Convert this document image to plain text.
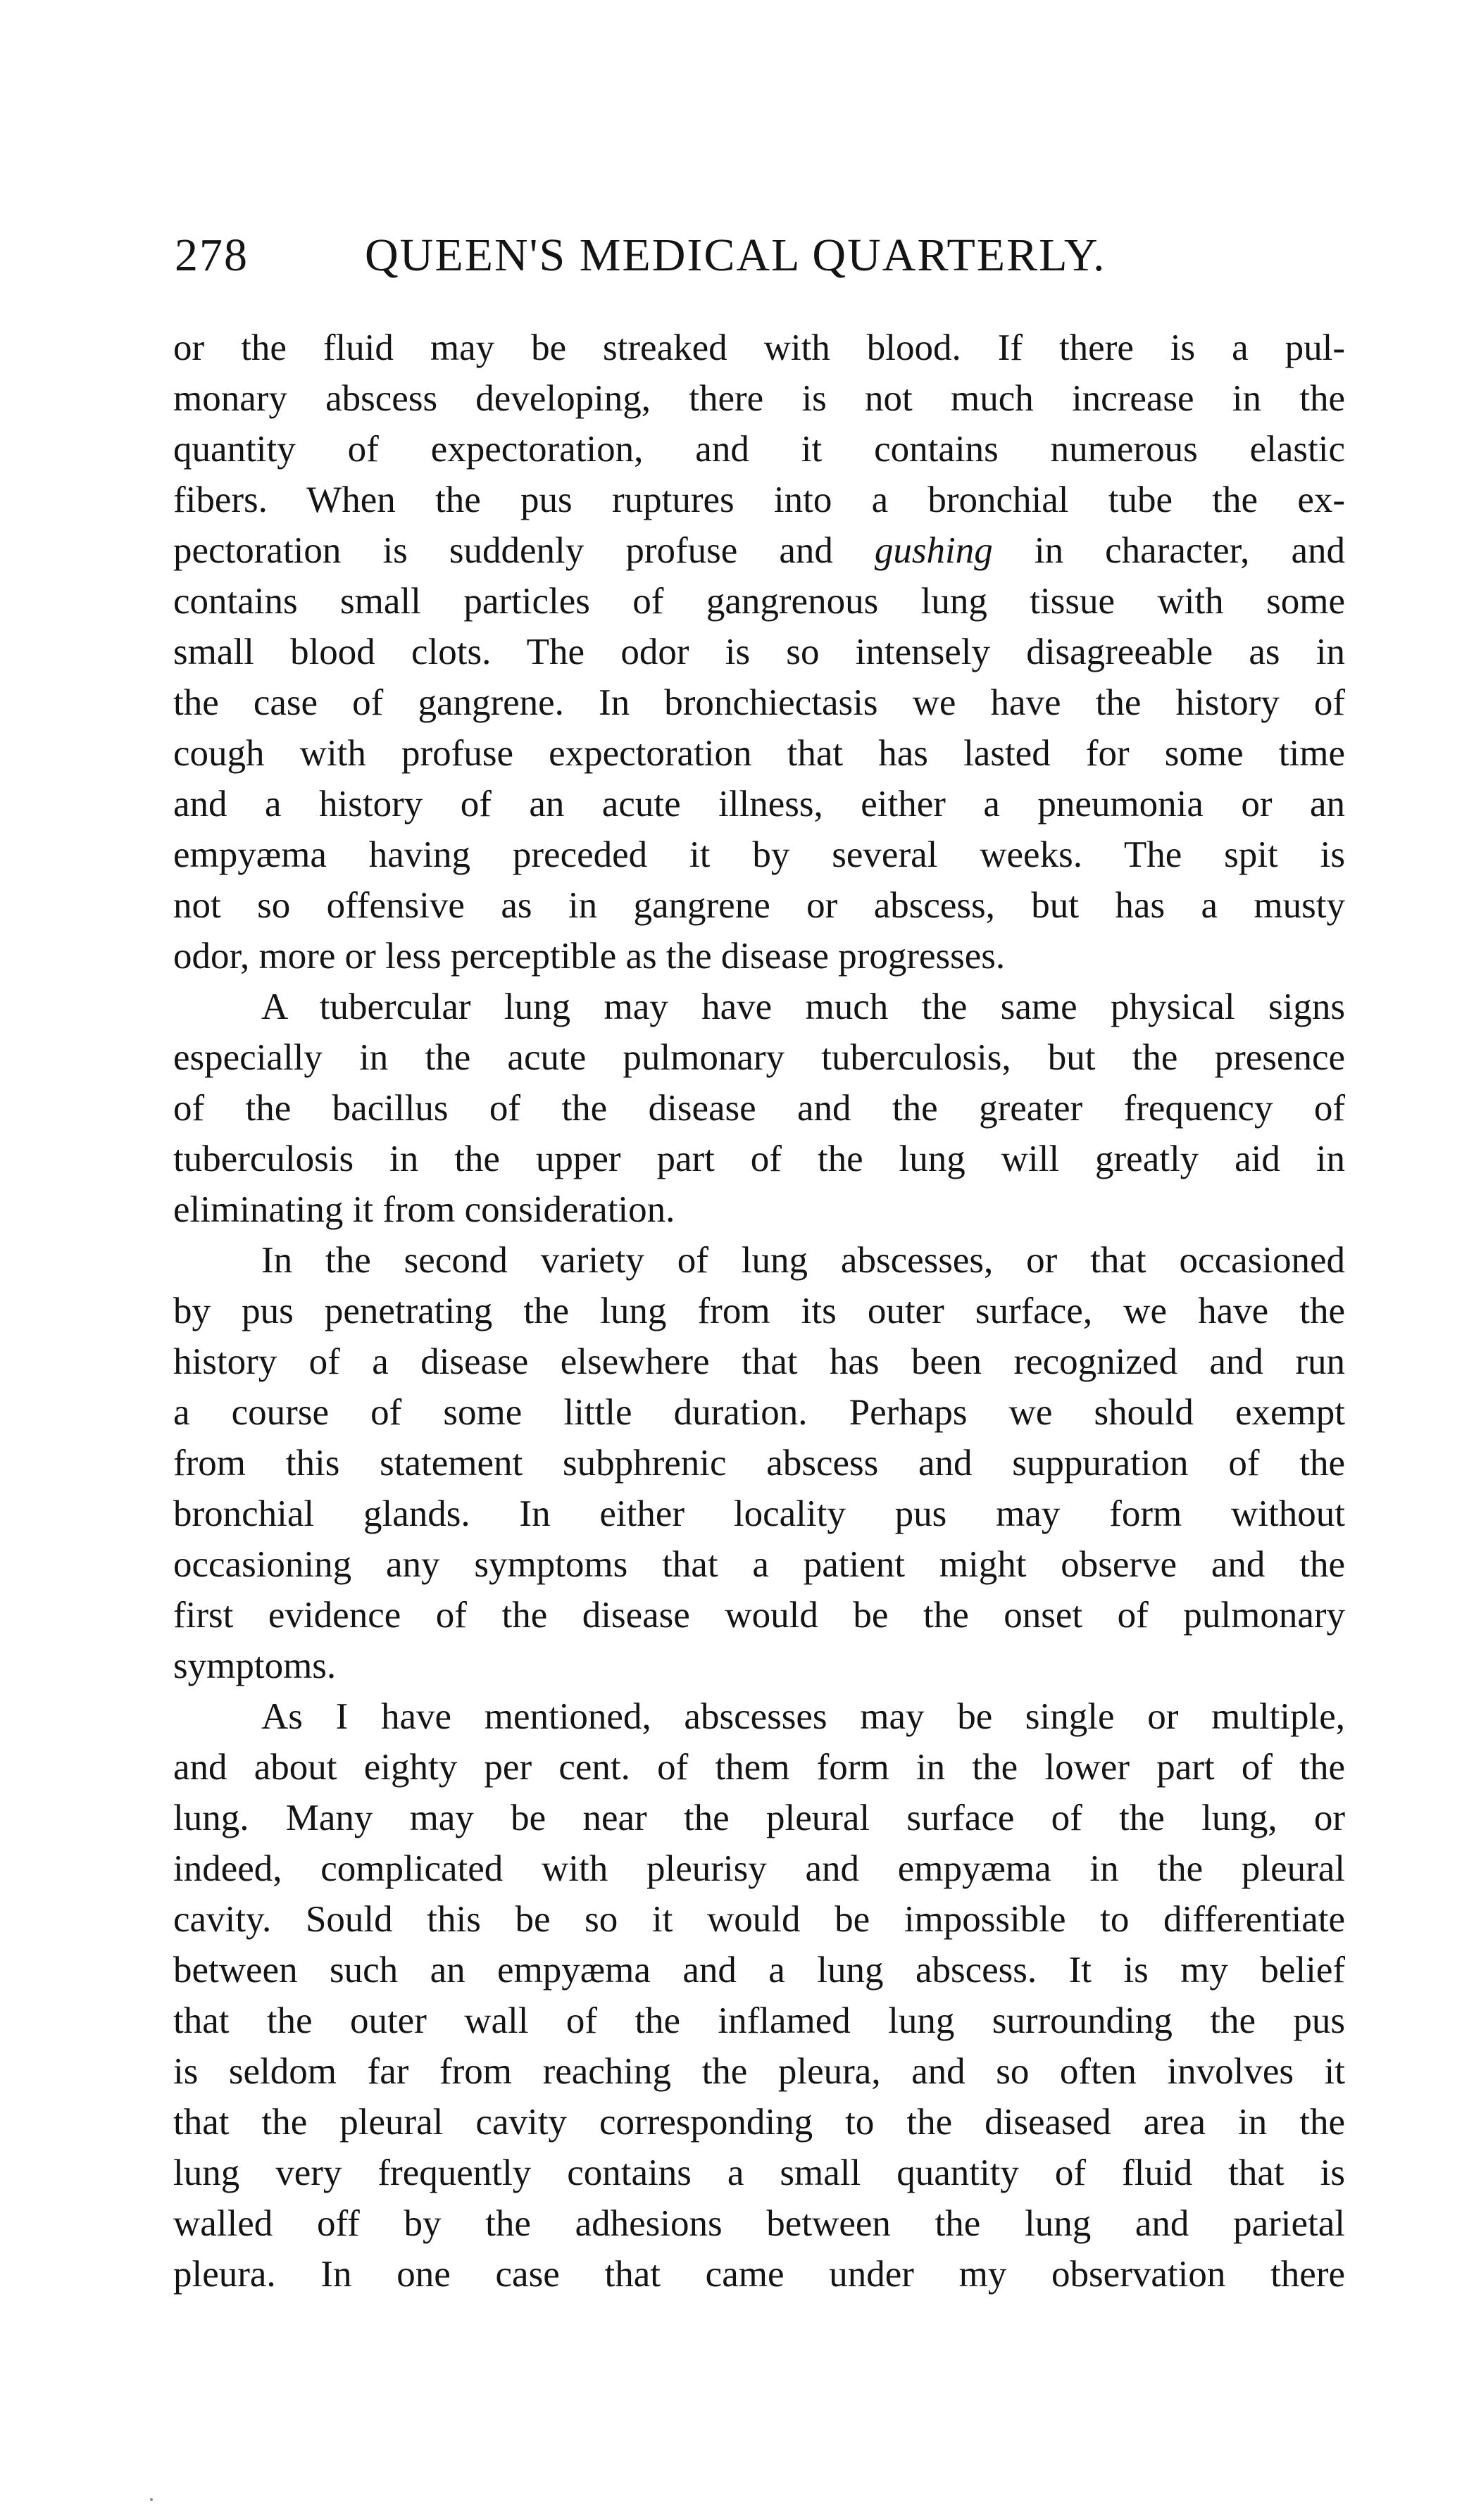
278	QUEEN'S MEDICAL QUARTERLY.
or the fluid may be streaked with blood. If there is a pul-
monary abscess developing, there is not much increase in the
quantity of expectoration, and it contains numerous elastic
fibers. When the pus ruptures into a bronchial tube the ex-
pectoration is suddenly profuse and gushing in character, and
contains small particles of gangrenous lung tissue with some
small blood clots. The odor is so intensely disagreeable as in
the case of gangrene. In bronchiectasis we have the history of
cough with profuse expectoration that has lasted for some time
and a history of an acute illness, either a pneumonia or an
empyæma having preceded it by several weeks. The spit is
not so offensive as in gangrene or abscess, but has a musty
odor, more or less perceptible as the disease progresses.
A tubercular lung may have much the same physical signs
especially in the acute pulmonary tuberculosis, but the presence
of the bacillus of the disease and the greater frequency of
tuberculosis in the upper part of the lung will greatly aid in
eliminating it from consideration.
In the second variety of lung abscesses, or that occasioned
by pus penetrating the lung from its outer surface, we have the
history of a disease elsewhere that has been recognized and run
a course of some little duration. Perhaps we should exempt
from this statement subphrenic abscess and suppuration of the
bronchial glands. In either locality pus may form without
occasioning any symptoms that a patient might observe and the
first evidence of the disease would be the onset of pulmonary
symptoms.
As I have mentioned, abscesses may be single or multiple,
and about eighty per cent. of them form in the lower part of the
lung. Many may be near the pleural surface of the lung, or
indeed, complicated with pleurisy and empyæma in the pleural
cavity. Sould this be so it would be impossible to differentiate
between such an empyæma and a lung abscess. It is my belief
that the outer wall of the inflamed lung surrounding the pus
is seldom far from reaching the pleura, and so often involves it
that the pleural cavity corresponding to the diseased area in the
lung very frequently contains a small quantity of fluid that is
walled off by the adhesions between the lung and parietal
pleura. In one case that came under my observation there
